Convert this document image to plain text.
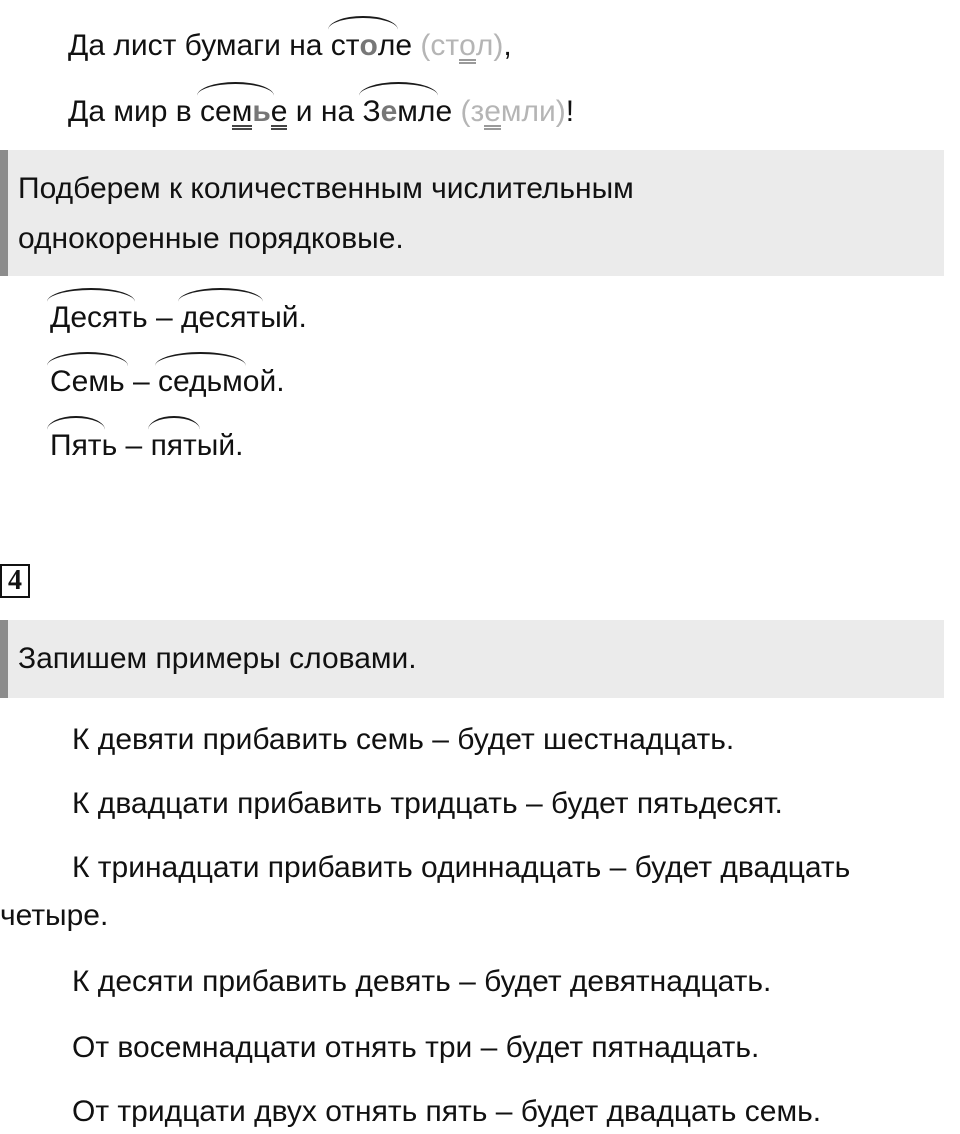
Да лист бумаги на
столе (стол),
Да мир в
семье и на
Земле (земли)!
Подберем к количественным числительным
однокоренные порядковые.
Десять –
десятый.
Семь –
седьмой.
Пять –
пятый.
4
Запишем примеры словами.
К девяти прибавить семь – будет шестнадцать.
К двадцати прибавить тридцать – будет пятьдесят.
К тринадцати прибавить одиннадцать – будет двадцать
четыре.
К десяти прибавить девять – будет девятнадцать.
От восемнадцати отнять три – будет пятнадцать.
От тридцати двух отнять пять – будет двадцать семь.
